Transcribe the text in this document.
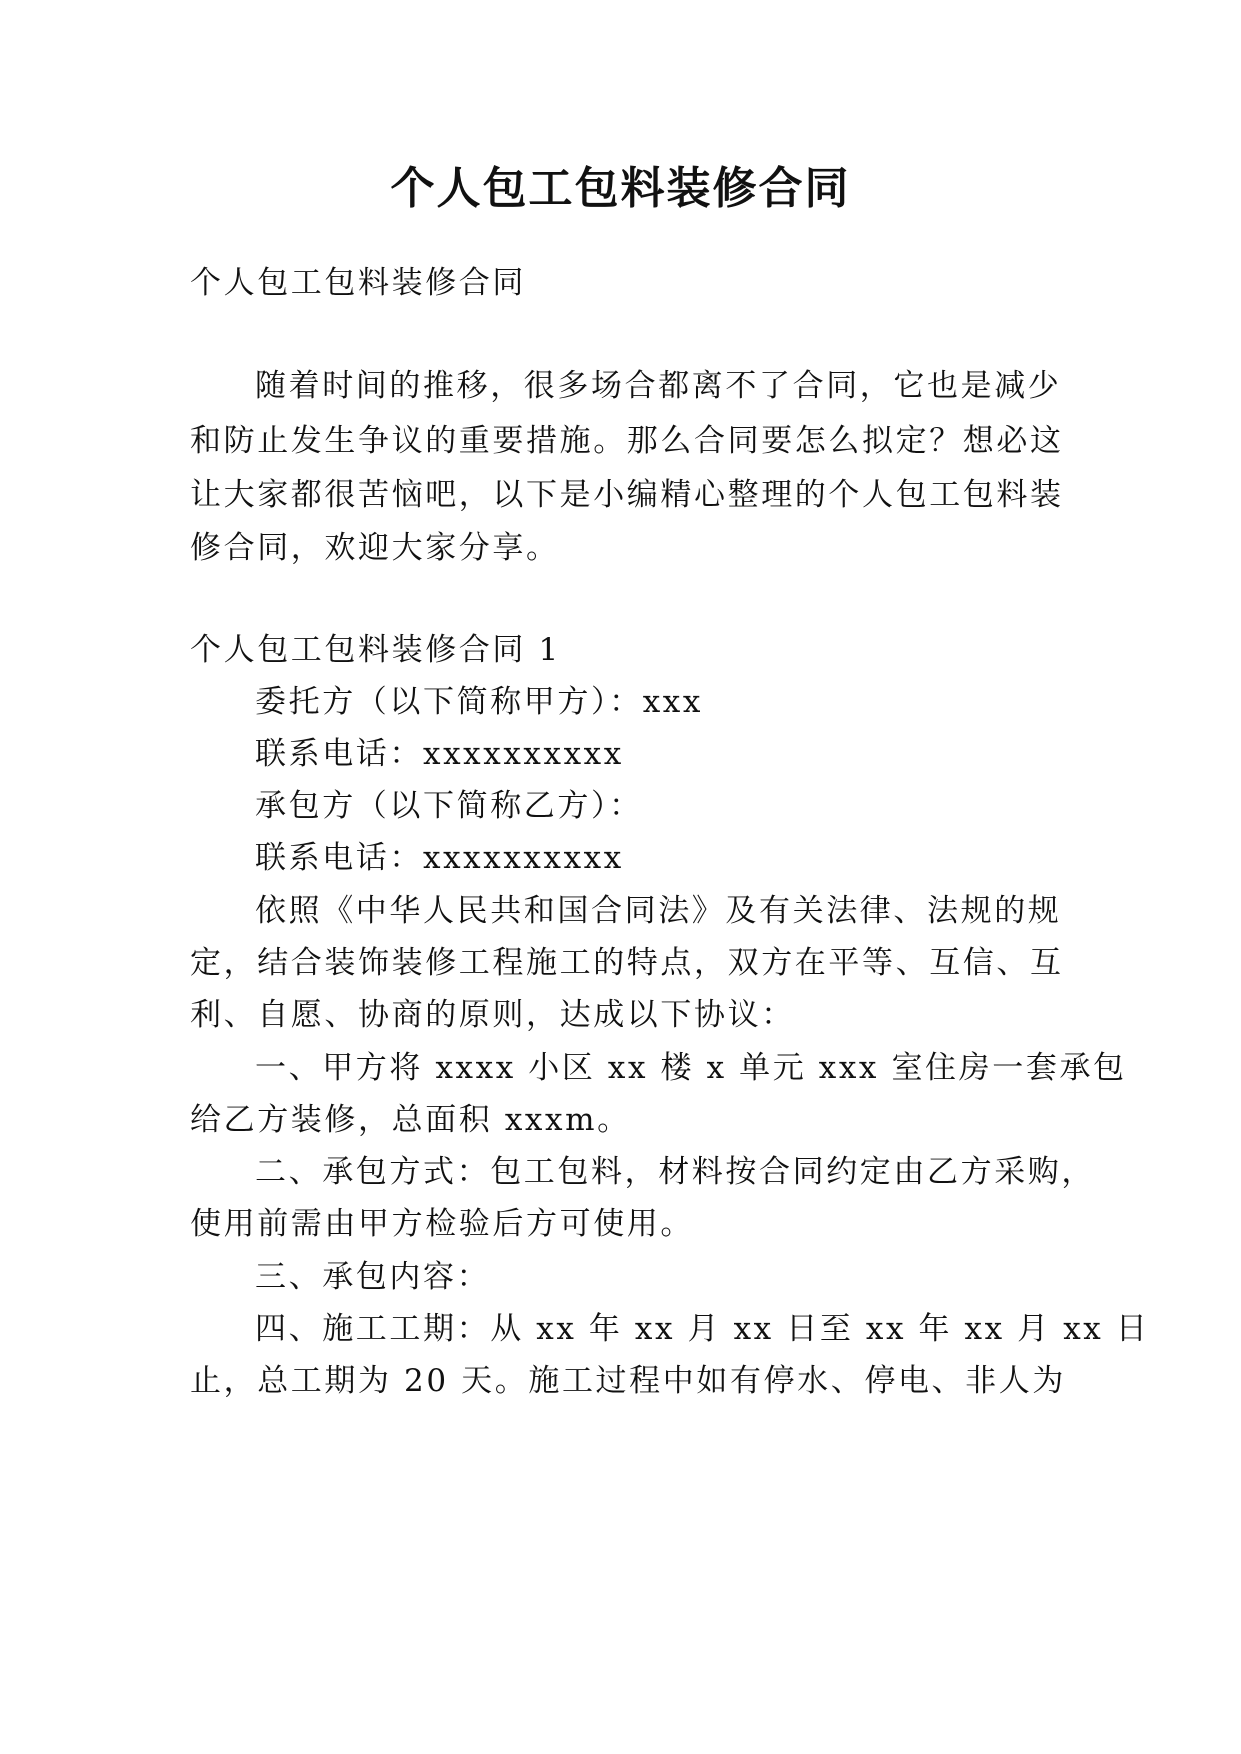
个人包工包料装修合同

个人包工包料装修合同

随着时间的推移，很多场合都离不了合同，它也是减少

和防止发生争议的重要措施。那么合同要怎么拟定？想必这

让大家都很苦恼吧，以下是小编精心整理的个人包工包料装

修合同，欢迎大家分享。

个人包工包料装修合同 1

委托方（以下简称甲方）：xxx

联系电话：xxxxxxxxxx

承包方（以下简称乙方）：

联系电话：xxxxxxxxxx

依照《中华人民共和国合同法》及有关法律、法规的规

定，结合装饰装修工程施工的特点，双方在平等、互信、互

利、自愿、协商的原则，达成以下协议：

一、甲方将 xxxx 小区 xx 楼 x 单元 xxx 室住房一套承包

给乙方装修，总面积 xxxm。

二、承包方式：包工包料，材料按合同约定由乙方采购，

使用前需由甲方检验后方可使用。

三、承包内容：

四、施工工期：从 xx 年 xx 月 xx 日至 xx 年 xx 月 xx 日

止，总工期为 20 天。施工过程中如有停水、停电、非人为
